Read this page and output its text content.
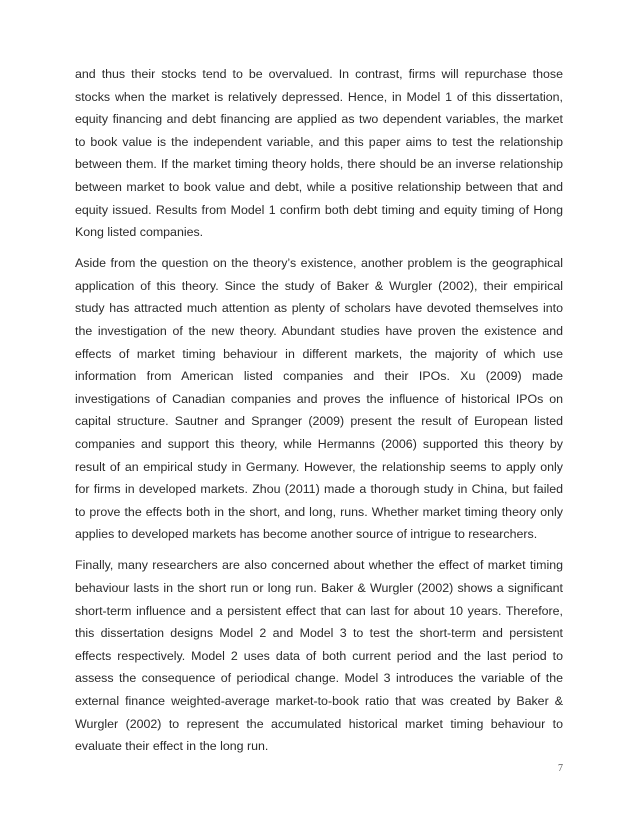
and thus their stocks tend to be overvalued. In contrast, firms will repurchase those stocks when the market is relatively depressed. Hence, in Model 1 of this dissertation, equity financing and debt financing are applied as two dependent variables, the market to book value is the independent variable, and this paper aims to test the relationship between them. If the market timing theory holds, there should be an inverse relationship between market to book value and debt, while a positive relationship between that and equity issued. Results from Model 1 confirm both debt timing and equity timing of Hong Kong listed companies.

Aside from the question on the theory’s existence, another problem is the geographical application of this theory. Since the study of Baker & Wurgler (2002), their empirical study has attracted much attention as plenty of scholars have devoted themselves into the investigation of the new theory. Abundant studies have proven the existence and effects of market timing behaviour in different markets, the majority of which use information from American listed companies and their IPOs. Xu (2009) made investigations of Canadian companies and proves the influence of historical IPOs on capital structure. Sautner and Spranger (2009) present the result of European listed companies and support this theory, while Hermanns (2006) supported this theory by result of an empirical study in Germany. However, the relationship seems to apply only for firms in developed markets. Zhou (2011) made a thorough study in China, but failed to prove the effects both in the short, and long, runs. Whether market timing theory only applies to developed markets has become another source of intrigue to researchers.

Finally, many researchers are also concerned about whether the effect of market timing behaviour lasts in the short run or long run. Baker & Wurgler (2002) shows a significant short-term influence and a persistent effect that can last for about 10 years. Therefore, this dissertation designs Model 2 and Model 3 to test the short-term and persistent effects respectively. Model 2 uses data of both current period and the last period to assess the consequence of periodical change. Model 3 introduces the variable of the external finance weighted-average market-to-book ratio that was created by Baker & Wurgler (2002) to represent the accumulated historical market timing behaviour to evaluate their effect in the long run.

7
